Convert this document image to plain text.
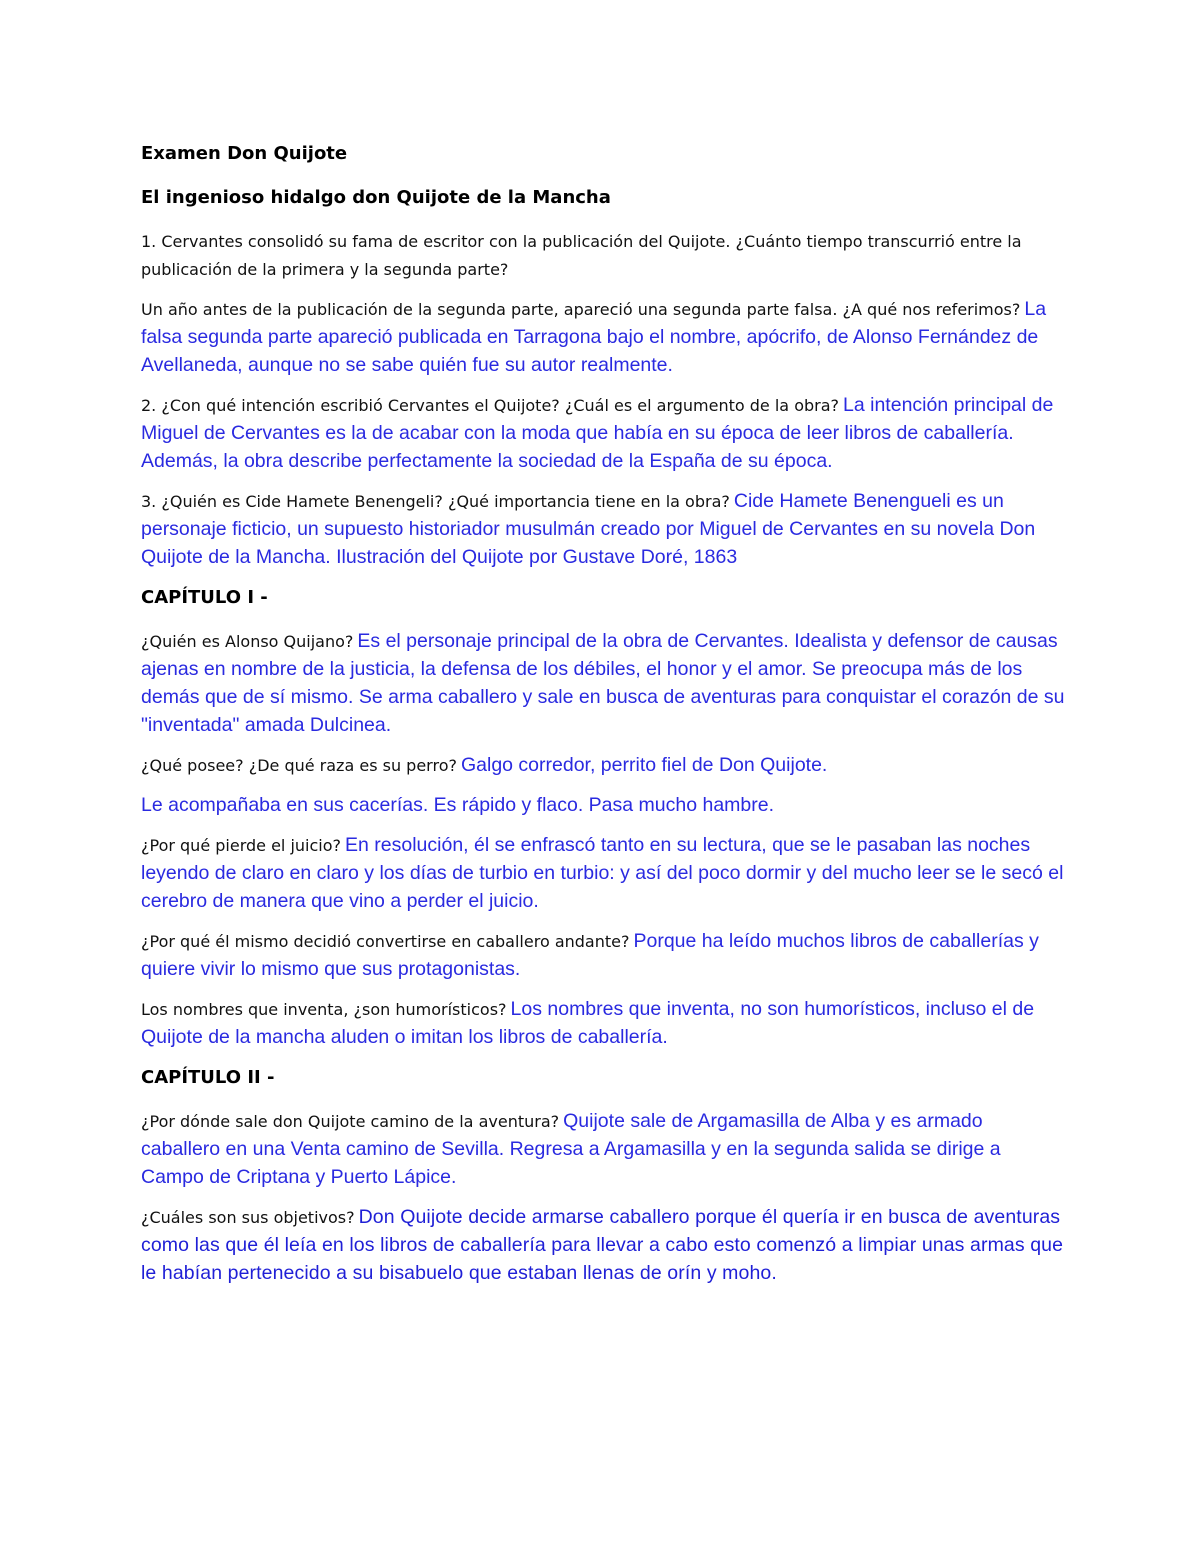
Examen Don Quijote
El ingenioso hidalgo don Quijote de la Mancha

1. Cervantes consolidó su fama de escritor con la publicación del Quijote. ¿Cuánto tiempo transcurrió entre la publicación de la primera y la segunda parte?

Un año antes de la publicación de la segunda parte, apareció una segunda parte falsa. ¿A qué nos referimos? La falsa segunda parte apareció publicada en Tarragona bajo el nombre, apócrifo, de Alonso Fernández de Avellaneda, aunque no se sabe quién fue su autor realmente.

2. ¿Con qué intención escribió Cervantes el Quijote? ¿Cuál es el argumento de la obra? La intención principal de Miguel de Cervantes es la de acabar con la moda que había en su época de leer libros de caballería. Además, la obra describe perfectamente la sociedad de la España de su época.

3. ¿Quién es Cide Hamete Benengeli? ¿Qué importancia tiene en la obra? Cide Hamete Benengueli es un personaje ficticio, un supuesto historiador musulmán creado por Miguel de Cervantes en su novela Don Quijote de la Mancha. Ilustración del Quijote por Gustave Doré, 1863

CAPÍTULO I -

¿Quién es Alonso Quijano? Es el personaje principal de la obra de Cervantes. Idealista y defensor de causas ajenas en nombre de la justicia, la defensa de los débiles, el honor y el amor. Se preocupa más de los demás que de sí mismo. Se arma caballero y sale en busca de aventuras para conquistar el corazón de su "inventada" amada Dulcinea.

¿Qué posee? ¿De qué raza es su perro? Galgo corredor, perrito fiel de Don Quijote.

Le acompañaba en sus cacerías. Es rápido y flaco. Pasa mucho hambre.

¿Por qué pierde el juicio? En resolución, él se enfrascó tanto en su lectura, que se le pasaban las noches leyendo de claro en claro y los días de turbio en turbio: y así del poco dormir y del mucho leer se le secó el cerebro de manera que vino a perder el juicio.

¿Por qué él mismo decidió convertirse en caballero andante? Porque ha leído muchos libros de caballerías y quiere vivir lo mismo que sus protagonistas.

Los nombres que inventa, ¿son humorísticos? Los nombres que inventa, no son humorísticos, incluso el de Quijote de la mancha aluden o imitan los libros de caballería.

CAPÍTULO II -

¿Por dónde sale don Quijote camino de la aventura? Quijote sale de Argamasilla de Alba y es armado caballero en una Venta camino de Sevilla. Regresa a Argamasilla y en la segunda salida se dirige a Campo de Criptana y Puerto Lápice.

¿Cuáles son sus objetivos? Don Quijote decide armarse caballero porque él quería ir en busca de aventuras como las que él leía en los libros de caballería para llevar a cabo esto comenzó a limpiar unas armas que le habían pertenecido a su bisabuelo que estaban llenas de orín y moho.
